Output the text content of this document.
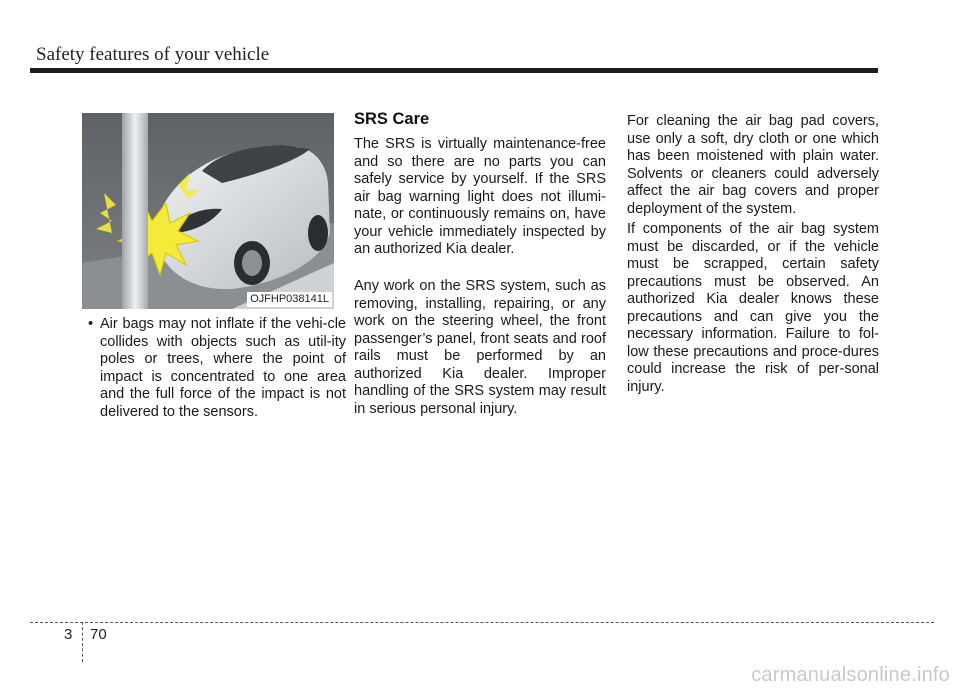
Safety features of your vehicle
OJFHP038141L
• Air bags may not inflate if the vehi-cle collides with objects such as util-ity poles or trees, where the point of impact is concentrated to one area and the full force of the impact is not delivered to the sensors.
SRS Care

The SRS is virtually maintenance-free and so there are no parts you can safely service by yourself. If the SRS air bag warning light does not illumi-nate, or continuously remains on, have your vehicle immediately inspected by an authorized Kia dealer.

Any work on the SRS system, such as removing, installing, repairing, or any work on the steering wheel, the front passenger’s panel, front seats and roof rails must be performed by an authorized Kia dealer. Improper handling of the SRS system may result in serious personal injury.

For cleaning the air bag pad covers, use only a soft, dry cloth or one which has been moistened with plain water. Solvents or cleaners could adversely affect the air bag covers and proper deployment of the system.

If components of the air bag system must be discarded, or if the vehicle must be scrapped, certain safety precautions must be observed. An authorized Kia dealer knows these precautions and can give you the necessary information. Failure to fol-low these precautions and proce-dures could increase the risk of per-sonal injury.

3 70
carmanualsonline.info
